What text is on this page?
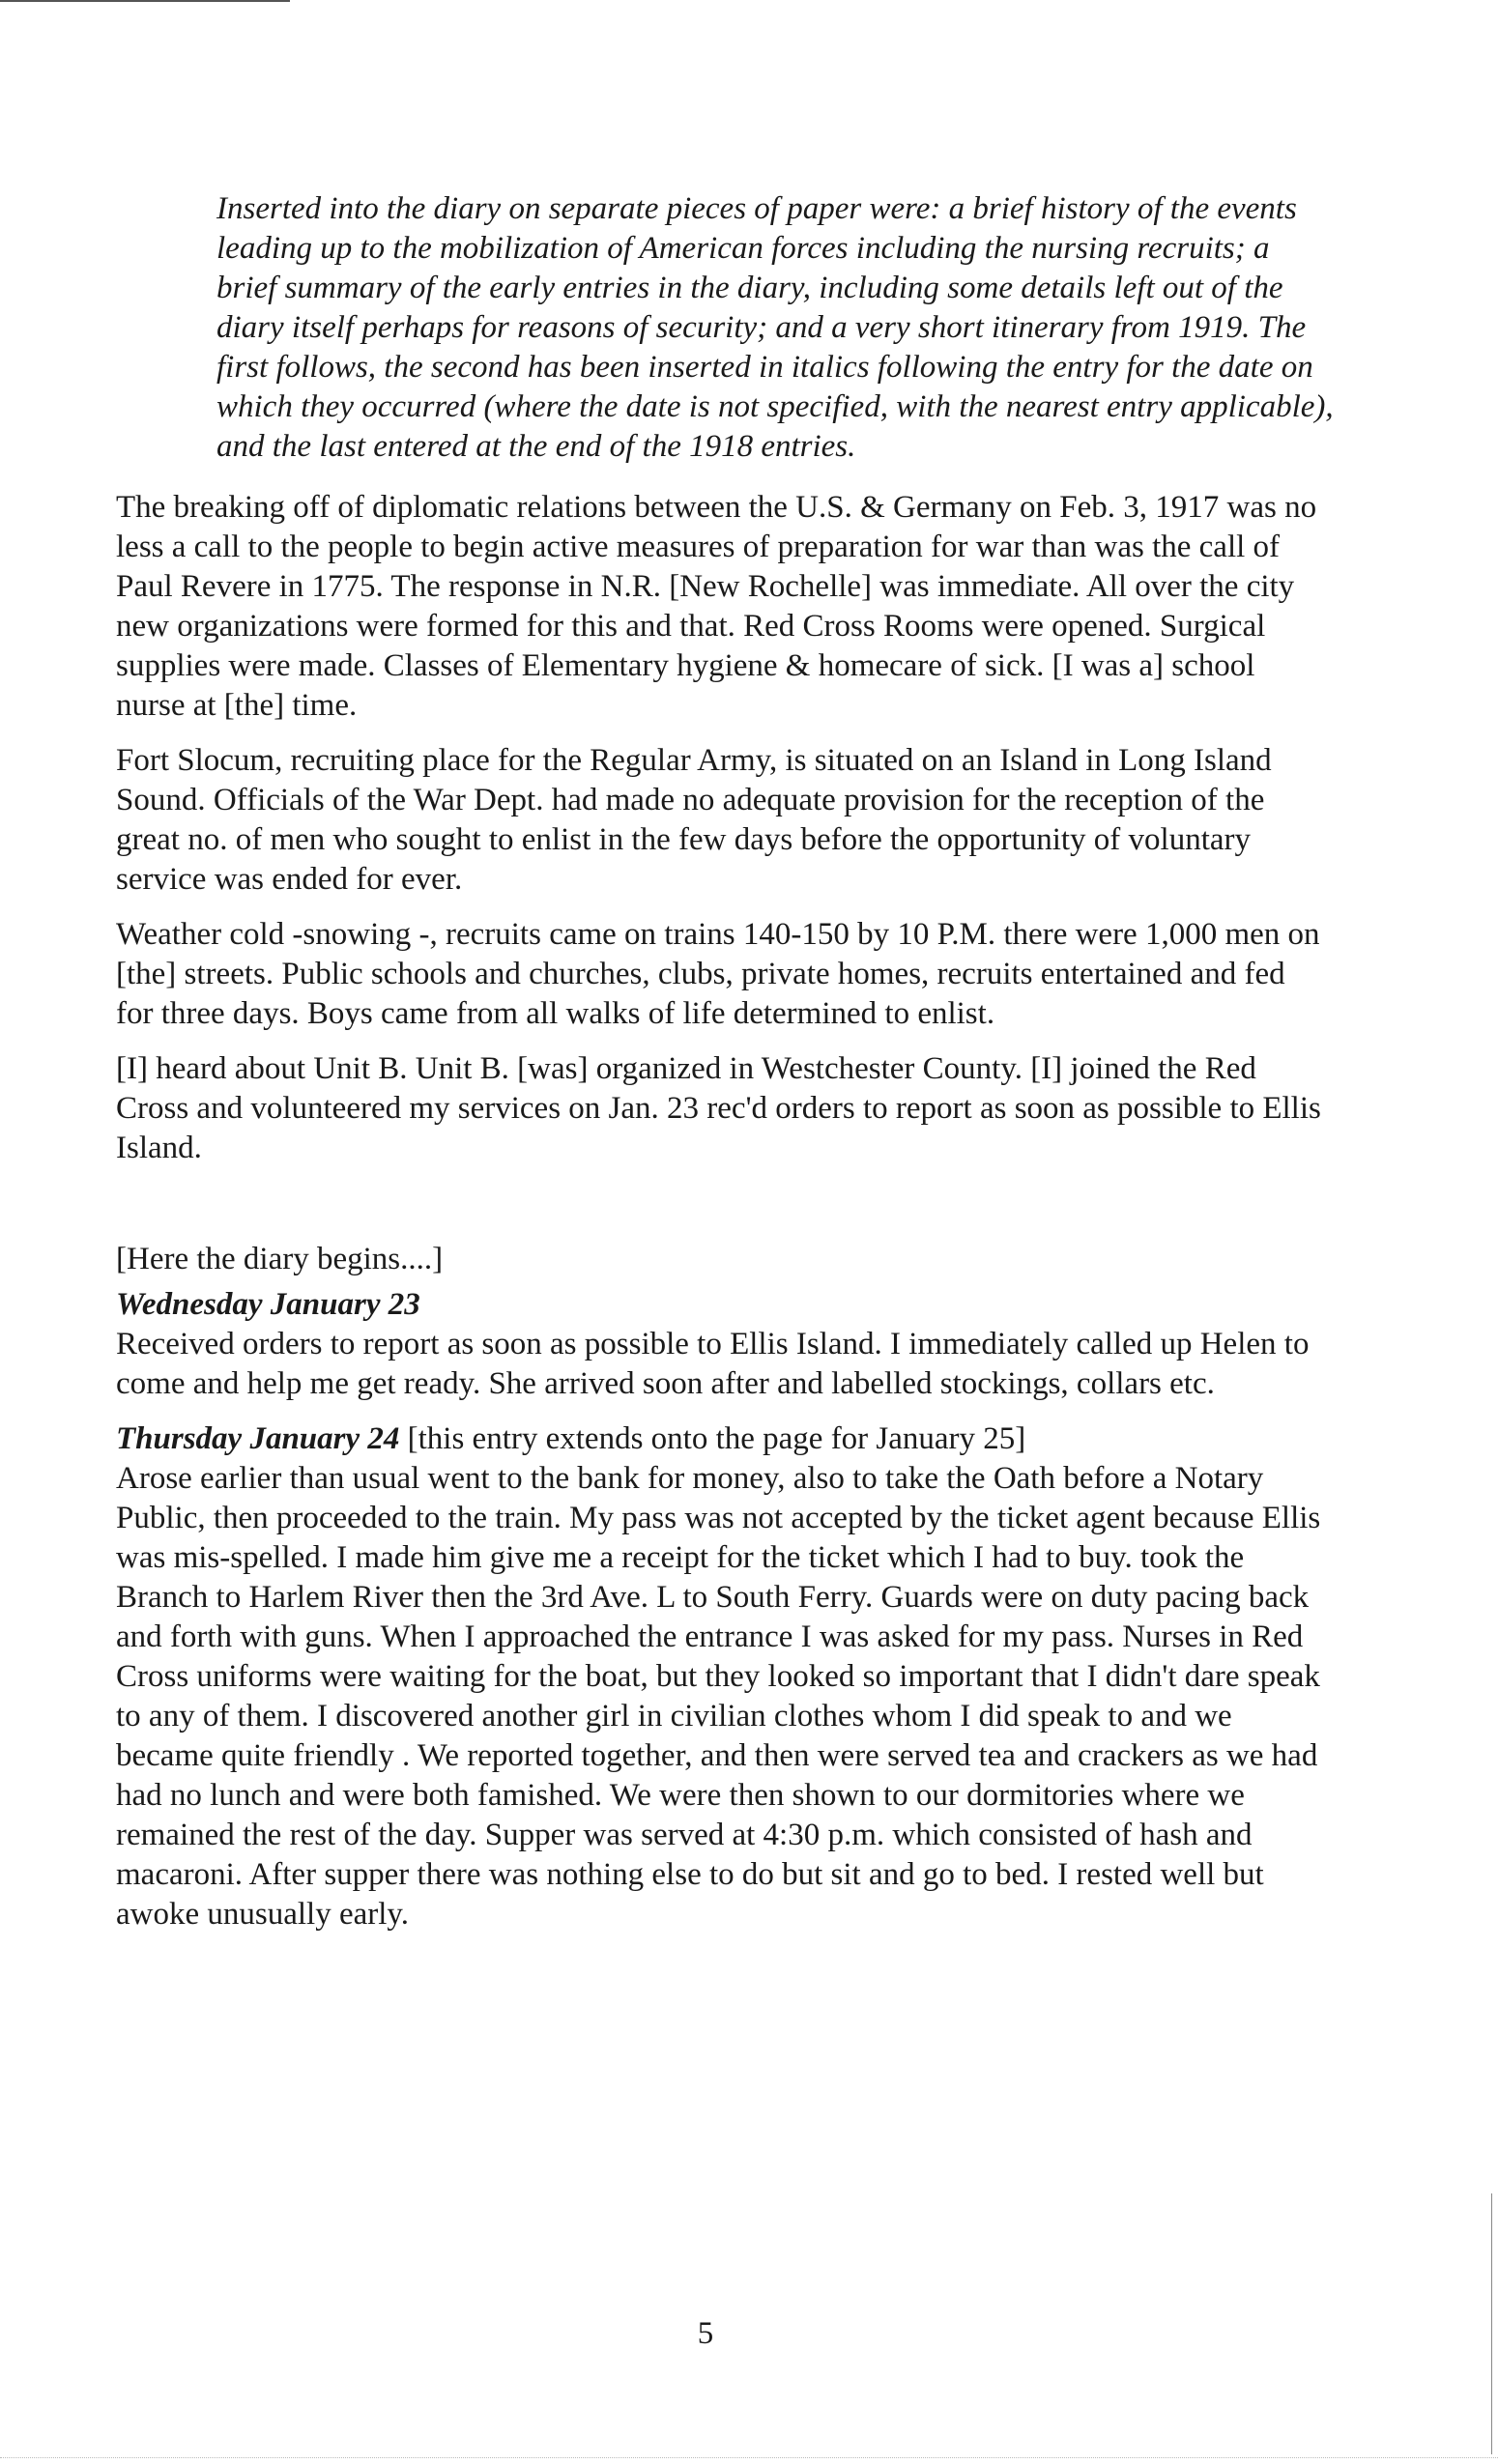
Inserted into the diary on separate pieces of paper were: a brief history of the events leading up to the mobilization of American forces including the nursing recruits; a brief summary of the early entries in the diary, including some details left out of the diary itself perhaps for reasons of security; and a very short itinerary from 1919. The first follows, the second has been inserted in italics following the entry for the date on which they occurred (where the date is not specified, with the nearest entry applicable), and the last entered at the end of the 1918 entries.

The breaking off of diplomatic relations between the U.S. & Germany on Feb. 3, 1917 was no less a call to the people to begin active measures of preparation for war than was the call of Paul Revere in 1775. The response in N.R. [New Rochelle] was immediate. All over the city new organizations were formed for this and that. Red Cross Rooms were opened. Surgical supplies were made. Classes of Elementary hygiene & homecare of sick. [I was a] school nurse at [the] time.

Fort Slocum, recruiting place for the Regular Army, is situated on an Island in Long Island Sound. Officials of the War Dept. had made no adequate provision for the reception of the great no. of men who sought to enlist in the few days before the opportunity of voluntary service was ended for ever.

Weather cold -snowing -, recruits came on trains 140-150 by 10 P.M. there were 1,000 men on [the] streets. Public schools and churches, clubs, private homes, recruits entertained and fed for three days. Boys came from all walks of life determined to enlist.

[I] heard about Unit B. Unit B. [was] organized in Westchester County. [I] joined the Red Cross and volunteered my services on Jan. 23 rec'd orders to report as soon as possible to Ellis Island.

[Here the diary begins....]

Wednesday January 23

Received orders to report as soon as possible to Ellis Island. I immediately called up Helen to come and help me get ready. She arrived soon after and labelled stockings, collars etc.

Thursday January 24 [this entry extends onto the page for January 25]

Arose earlier than usual went to the bank for money, also to take the Oath before a Notary Public, then proceeded to the train. My pass was not accepted by the ticket agent because Ellis was mis-spelled. I made him give me a receipt for the ticket which I had to buy. took the Branch to Harlem River then the 3rd Ave. L to South Ferry. Guards were on duty pacing back and forth with guns. When I approached the entrance I was asked for my pass. Nurses in Red Cross uniforms were waiting for the boat, but they looked so important that I didn't dare speak to any of them. I discovered another girl in civilian clothes whom I did speak to and we became quite friendly . We reported together, and then were served tea and crackers as we had had no lunch and were both famished. We were then shown to our dormitories where we remained the rest of the day. Supper was served at 4:30 p.m. which consisted of hash and macaroni. After supper there was nothing else to do but sit and go to bed. I rested well but awoke unusually early.

5
